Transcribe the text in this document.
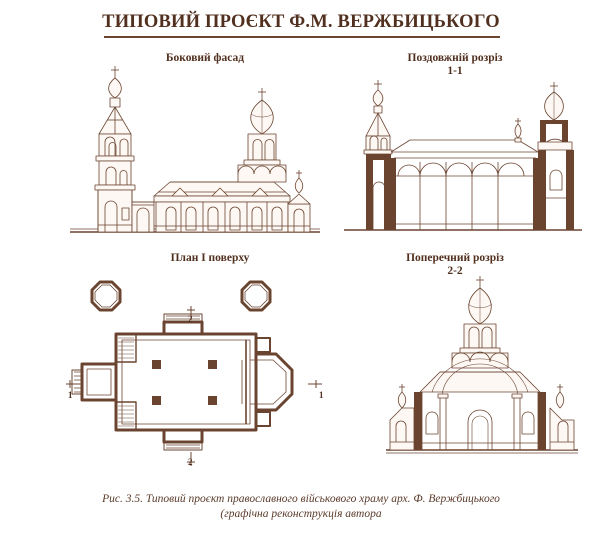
ТИПОВИЙ ПРОЄКТ Ф.М. ВЕРЖБИЦЬКОГО
Боковий фасад	Поздовжній розріз
1-1
План I поверху	Поперечний розріз
2-2
2
2
1	1
Рис. 3.5. Типовий проєкт православного військового храму арх. Ф. Вержбицького
(графічна реконструкція автора
